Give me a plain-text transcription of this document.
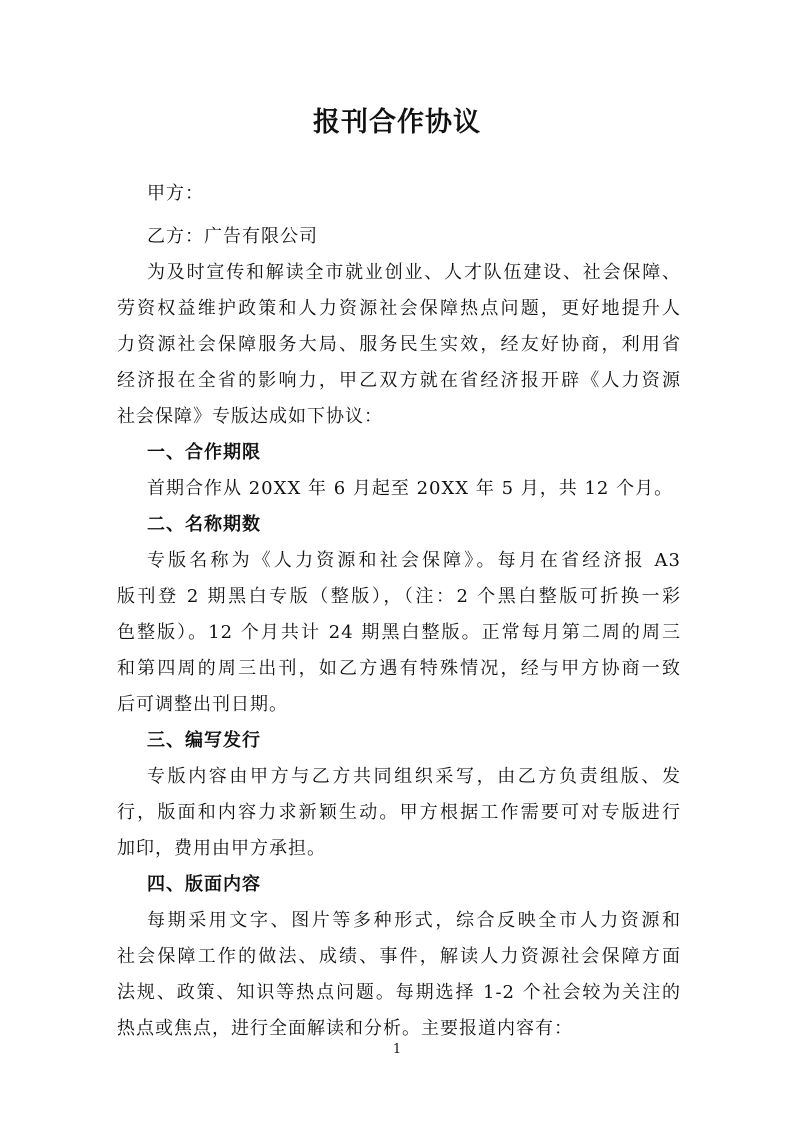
报刊合作协议
甲方：
乙方：广告有限公司
为及时宣传和解读全市就业创业、人才队伍建设、社会保障、
劳资权益维护政策和人力资源社会保障热点问题，更好地提升人
力资源社会保障服务大局、服务民生实效，经友好协商，利用省
经济报在全省的影响力，甲乙双方就在省经济报开辟《人力资源
社会保障》专版达成如下协议：
一、合作期限
首期合作从 20XX 年 6 月起至 20XX 年 5 月，共 12 个月。
二、名称期数
专版名称为《人力资源和社会保障》。每月在省经济报 A3
版刊登 2 期黑白专版（整版），（注：2 个黑白整版可折换一彩
色整版）。12 个月共计 24 期黑白整版。正常每月第二周的周三
和第四周的周三出刊，如乙方遇有特殊情况，经与甲方协商一致
后可调整出刊日期。
三、编写发行
专版内容由甲方与乙方共同组织采写，由乙方负责组版、发
行，版面和内容力求新颖生动。甲方根据工作需要可对专版进行
加印，费用由甲方承担。
四、版面内容
每期采用文字、图片等多种形式，综合反映全市人力资源和
社会保障工作的做法、成绩、事件，解读人力资源社会保障方面
法规、政策、知识等热点问题。每期选择 1-2 个社会较为关注的
热点或焦点，进行全面解读和分析。主要报道内容有：
1
